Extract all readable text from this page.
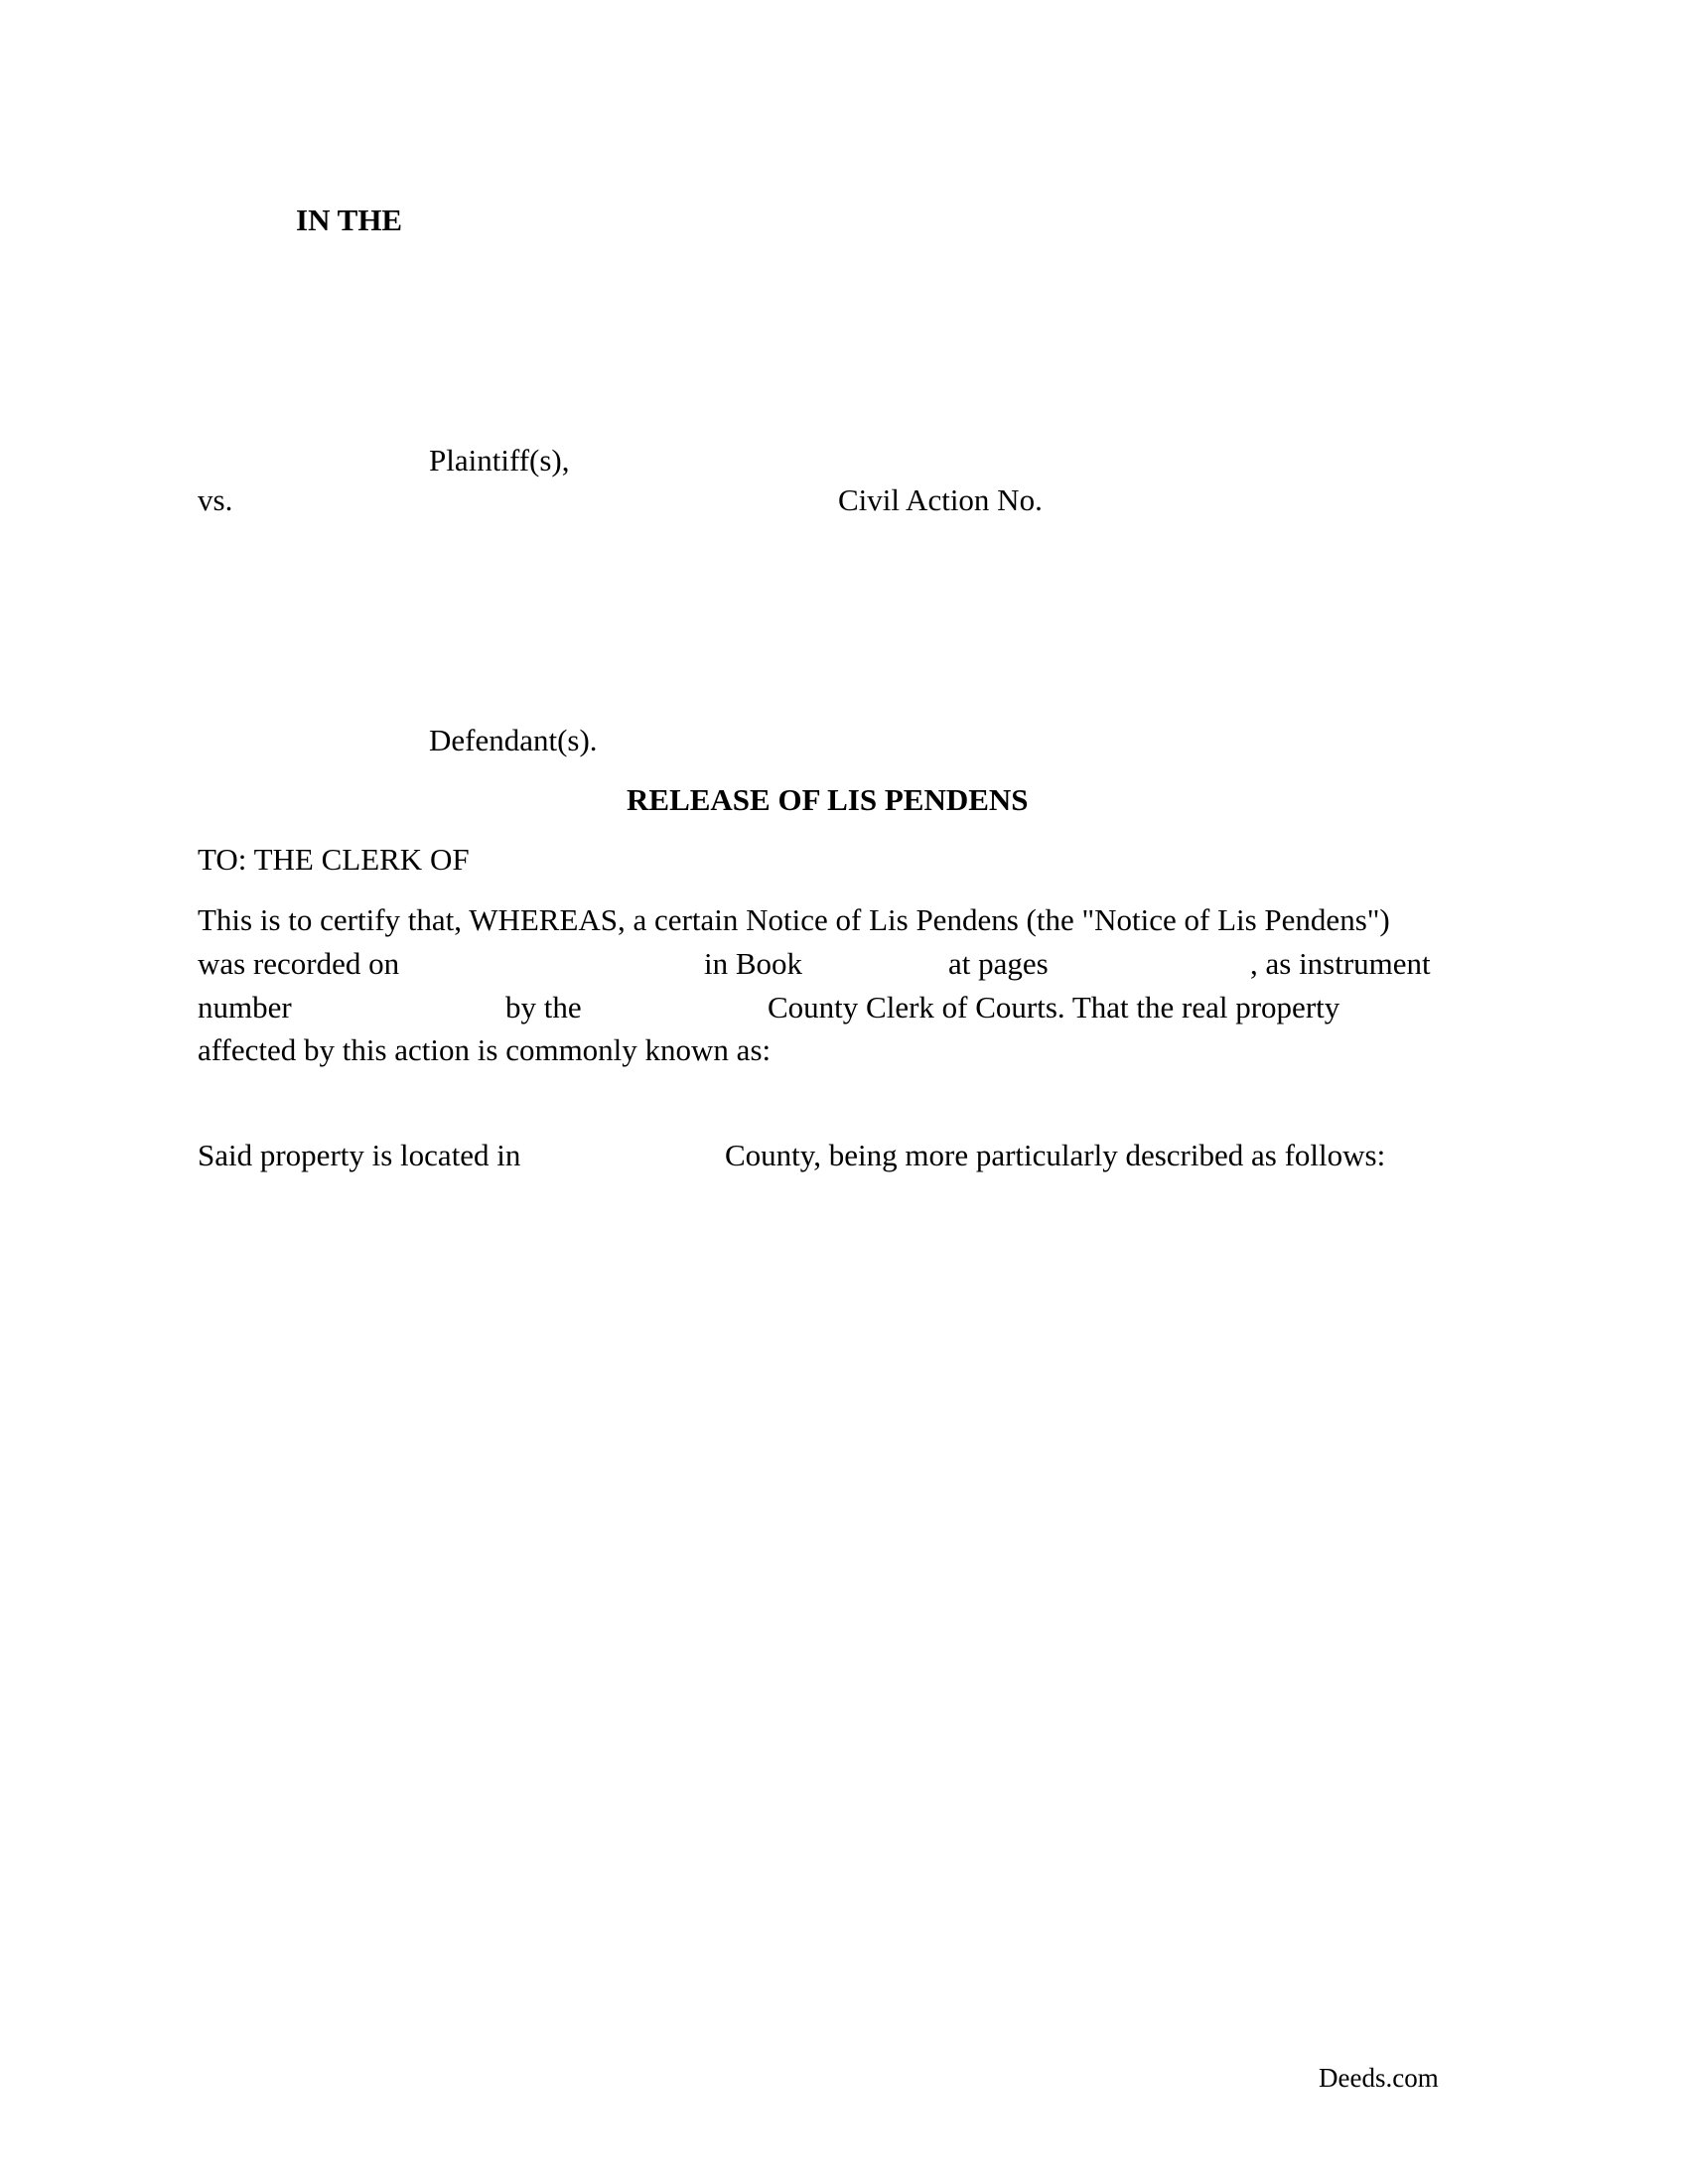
IN THE
Plaintiff(s),
vs.	Civil Action No.
Defendant(s).
RELEASE OF LIS PENDENS
TO: THE CLERK OF
This is to certify that, WHEREAS, a certain Notice of Lis Pendens (the "Notice of Lis Pendens")
was recorded on	in Book	at pages	, as instrument
number	by the	County Clerk of Courts. That the real property
affected by this action is commonly known as:
Said property is located in	County, being more particularly described as follows:
Deeds.com
